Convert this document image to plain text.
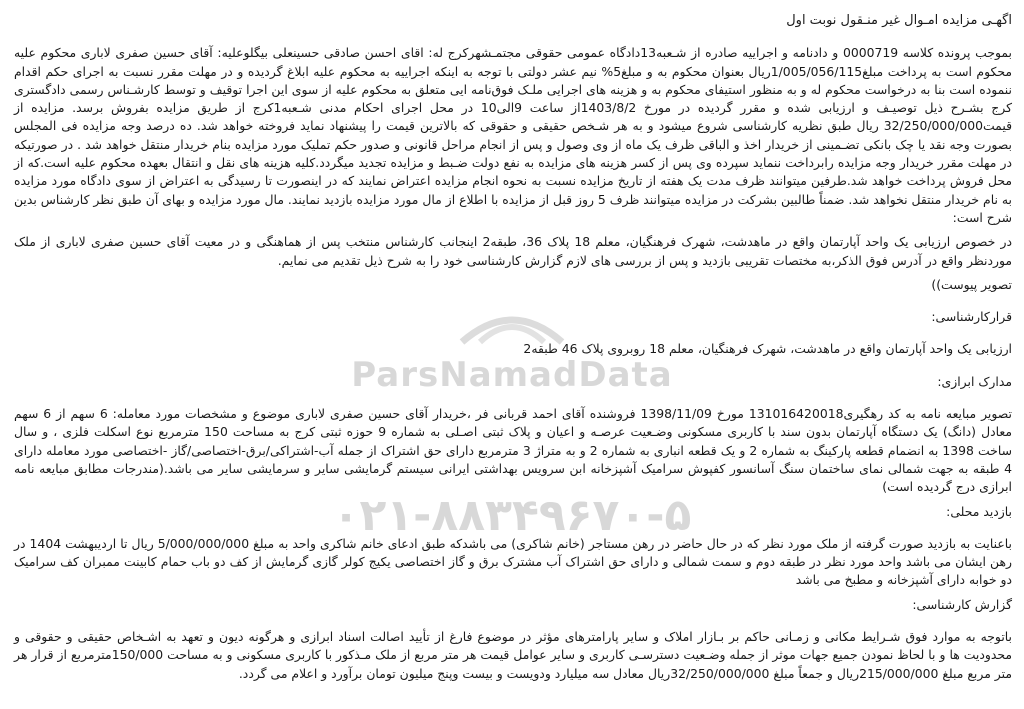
ParsNamadData
۰۲۱-۸۸۳۴۹۶۷۰-۵
اگهـی مزایده امـوال غیر منـقول نوبت اول

بموجب پرونده کلاسه 0000719 و دادنامه و اجراییه صادره از شـعبه13دادگاه عمومی حقوقی مجتمـشهرکرج له: اقای احسن صادقی حسینعلی بیگلوعلیه: آقای حسین صفری لاباری محکوم علیه محکوم است به پرداخت مبلغ1/005/056/115ریال بعنوان محکوم به و مبلغ5% نیم عشر دولتی با توجه به اینکه اجراییه به محکوم علیه ابلاغ گردیده و در مهلت مقرر نسبت به اجرای حکم اقدام ننموده است بنا به درخواست محکوم له و به منظور استیفای محکوم به و هزینه های اجرایی ملـک فوق‌نامه ایی متعلق به محکوم علیه از سوی این اجرا توقیف و توسط کارشـناس رسمی دادگستری کرج بشـرح ذیل توصیـف و ارزیابی شده و مقرر گردیده در مورخ 1403/8/2از ساعت 9الی10 در محل اجرای احکام مدنی شـعبه1کرج از طریق مزایده بفروش برسد. مزایده از قیمت32/250/000/000 ریال طبق نظریه کارشناسی شروع میشود و به هر شـخص حقیقی و حقوقی که بالاترین قیمت را پیشنهاد نماید فروخته خواهد شد. ده درصد وجه مزایده فی المجلس بصورت وجه نقد یا چک بانکی تضـمینی از خریدار اخذ و الباقی ظرف یک ماه از وی وصول و پس از انجام مراحل قانونی و صدور حکم تملیک مورد مزایده بنام خریدار منتقل خواهد شد . در صورتیکه در مهلت مقرر خریدار وجه مزایده رابرداخت ننماید سپرده وی پس از کسر هزینه های مزایده به نفع دولت ضـبط و مزایده تجدید میگردد.کلیه هزینه های نقل و انتقال بعهده محکوم علیه است.که از محل فروش پرداخت خواهد شد.طرفین میتوانند ظرف مدت یک هفته از تاریخ مزایده نسبت به نحوه انجام مزایده اعتراض نمایند که در اینصورت تا رسیدگی به اعتراض از سوی دادگاه مورد مزایده به نام خریدار منتقل نخواهد شد. ضمناً طالبین بشرکت در مزایده میتوانند ظرف 5 روز قبل از مزایده با اطلاع از مال مورد مزایده بازدید نمایند. مال مورد مزایده و بهای آن طبق نظر کارشناس بدین شرح است:

در خصوص ارزیابی یک واحد آپارتمان واقع در ماهدشت، شهرک فرهنگیان، معلم 18 پلاک 36، طبقه2 اینجانب کارشناس منتخب پس از هماهنگی و در معیت آقای حسین صفری لاباری از ملک موردنظر واقع در آدرس فوق الذکر،به مختصات تقریبی بازدید و پس از بررسی های لازم گزارش کارشناسی خود را به شرح ذیل تقدیم می نمایم.

تصویر پیوست))

قرارکارشناسی:

ارزیابی یک واحد آپارتمان واقع در ماهدشت، شهرک فرهنگیان، معلم 18 روبروی پلاک 46 طبقه2

مدارک ابرازی:

تصویر مبایعه نامه به کد رهگیری131016420018 مورخ 1398/11/09 فروشنده آقای احمد قربانی فر ،خریدار آقای حسین صفری لاباری موضوع و مشخصات مورد معامله: 6 سهم از 6 سهم معادل (دانگ) یک دستگاه آپارتمان بدون سند با کاربری مسکونی وضـعیت عرصـه و اعیان و پلاک ثبتی اصـلی به شماره 9 حوزه ثبتی کرج به مساحت 150 مترمربع نوع اسکلت فلزی ، و سال ساخت 1398 به انضمام قطعه پارکینگ به شماره 2 و یک قطعه انباری به شماره 2 و به متراژ 3 مترمربع دارای حق اشتراک از جمله آب-اشتراکی/برق-اختصاصی/گاز -اختصاصی مورد معامله دارای 4 طبقه به جهت شمالی نمای ساختمان سنگ آسانسور کفپوش سرامیک آشپزخانه ابن سرویس بهداشتی ایرانی سیستم گرمایشی سایر و سرمایشی سایر می باشد.(مندرجات مطابق مبایعه نامه ابرازی درج گردیده است)

بازدید محلی:

باعنایت به بازدید صورت گرفته از ملک مورد نظر که در حال حاضر در رهن مستاجر (خانم شاکری) می باشدکه طبق ادعای خانم شاکری واحد به مبلغ 5/000/000/000 ریال تا اردیبهشت 1404 در رهن ایشان می باشد واحد مورد نظر در طبقه دوم و سمت شمالی و دارای حق اشتراک آب مشترک برق و گاز اختصاصی یکیج کولر گازی گرمایش از کف دو باب حمام کابینت ممبران کف سرامیک دو خوابه دارای آشپزخانه و مطبخ می باشد

گزارش کارشناسی:

باتوجه به موارد فوق شـرایط مکانی و زمـانی حاکم بر بـازار املاک و سایر پارامترهای مؤثر در موضوع فارغ از تأیید اصالت اسناد ابرازی و هرگونه دیون و تعهد به اشـخاص حقیقی و حقوقی و محدودیت ها و با لحاظ نمودن جمیع جهات موثر از جمله وضـعیت دسترسـی کاربری و سایر عوامل قیمت هر متر مربع از ملک مـذکور با کاربری مسکونی و به مساحت 150/000مترمربع از قرار هر متر مربع مبلغ 215/000/000ریال و جمعاً مبلغ 32/250/000/000ریال معادل سه میلیارد ودویست و بیست وپنج میلیون تومان برآورد و اعلام می گردد.
